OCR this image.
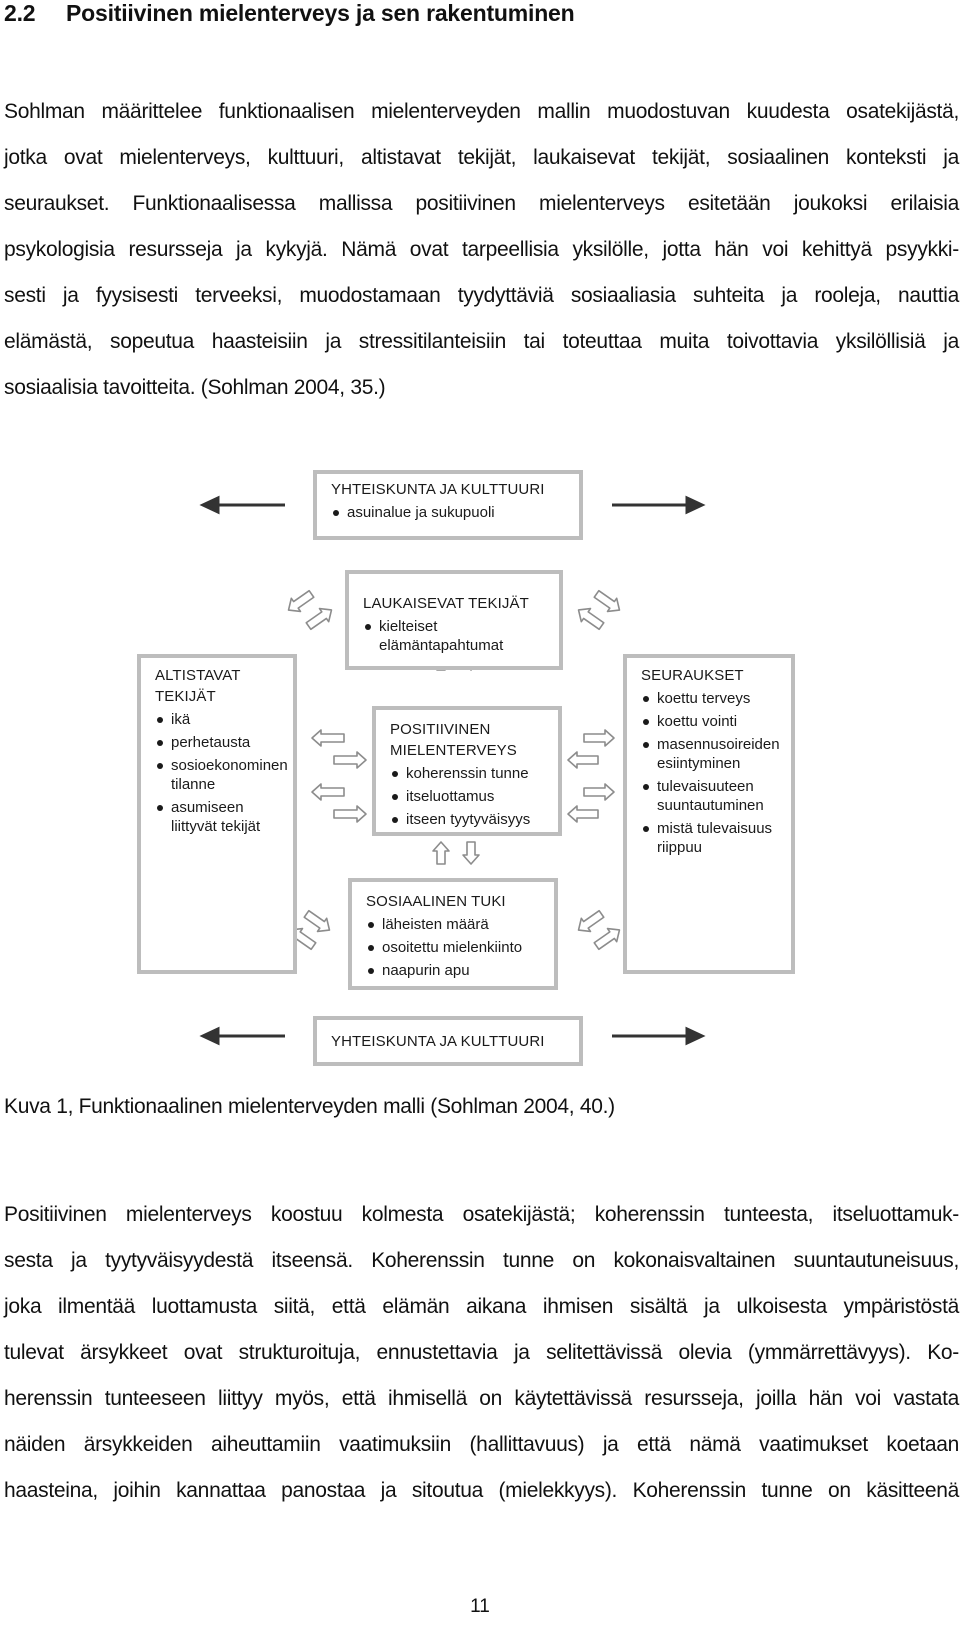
2.2 Positiivinen mielenterveys ja sen rakentuminen
Sohlman määrittelee funktionaalisen mielenterveyden mallin muodostuvan kuudesta osatekijästä,
jotka ovat mielenterveys, kulttuuri, altistavat tekijät, laukaisevat tekijät, sosiaalinen konteksti ja
seuraukset. Funktionaalisessa mallissa positiivinen mielenterveys esitetään joukoksi erilaisia
psykologisia resursseja ja kykyjä. Nämä ovat tarpeellisia yksilölle, jotta hän voi kehittyä psyykki-
sesti ja fyysisesti terveeksi, muodostamaan tyydyttäviä sosiaaliasia suhteita ja rooleja, nauttia
elämästä, sopeutua haasteisiin ja stressitilanteisiin tai toteuttaa muita toivottavia yksilöllisiä ja
sosiaalisia tavoitteita. (Sohlman 2004, 35.)
YHTEISKUNTA JA KULTTUURI
asuinalue ja sukupuoli
LAUKAISEVAT TEKIJÄT
kielteiset elämäntapahtumat
ALTISTAVAT
TEKIJÄT
ikä
perhetausta
sosioekonominen
tilanne
asumiseen
liittyvät tekijät
SEURAUKSET
koettu terveys
koettu vointi
masennusoireiden
esiintyminen
tulevaisuuteen
suuntautuminen
mistä tulevaisuus
riippuu
POSITIIVINEN
MIELENTERVEYS
koherenssin tunne
itseluottamus
itseen tyytyväisyys
SOSIAALINEN TUKI
läheisten määrä
osoitettu mielenkiinto
naapurin apu
YHTEISKUNTA JA KULTTUURI
Kuva 1, Funktionaalinen mielenterveyden malli (Sohlman 2004, 40.)
Positiivinen mielenterveys koostuu kolmesta osatekijästä; koherenssin tunteesta, itseluottamuk-
sesta ja tyytyväisyydestä itseensä. Koherenssin tunne on kokonaisvaltainen suuntautuneisuus,
joka ilmentää luottamusta siitä, että elämän aikana ihmisen sisältä ja ulkoisesta ympäristöstä
tulevat ärsykkeet ovat strukturoituja, ennustettavia ja selitettävissä olevia (ymmärrettävyys). Ko-
herenssin tunteeseen liittyy myös, että ihmisellä on käytettävissä resursseja, joilla hän voi vastata
näiden ärsykkeiden aiheuttamiin vaatimuksiin (hallittavuus) ja että nämä vaatimukset koetaan
haasteina, joihin kannattaa panostaa ja sitoutua (mielekkyys). Koherenssin tunne on käsitteenä
11
